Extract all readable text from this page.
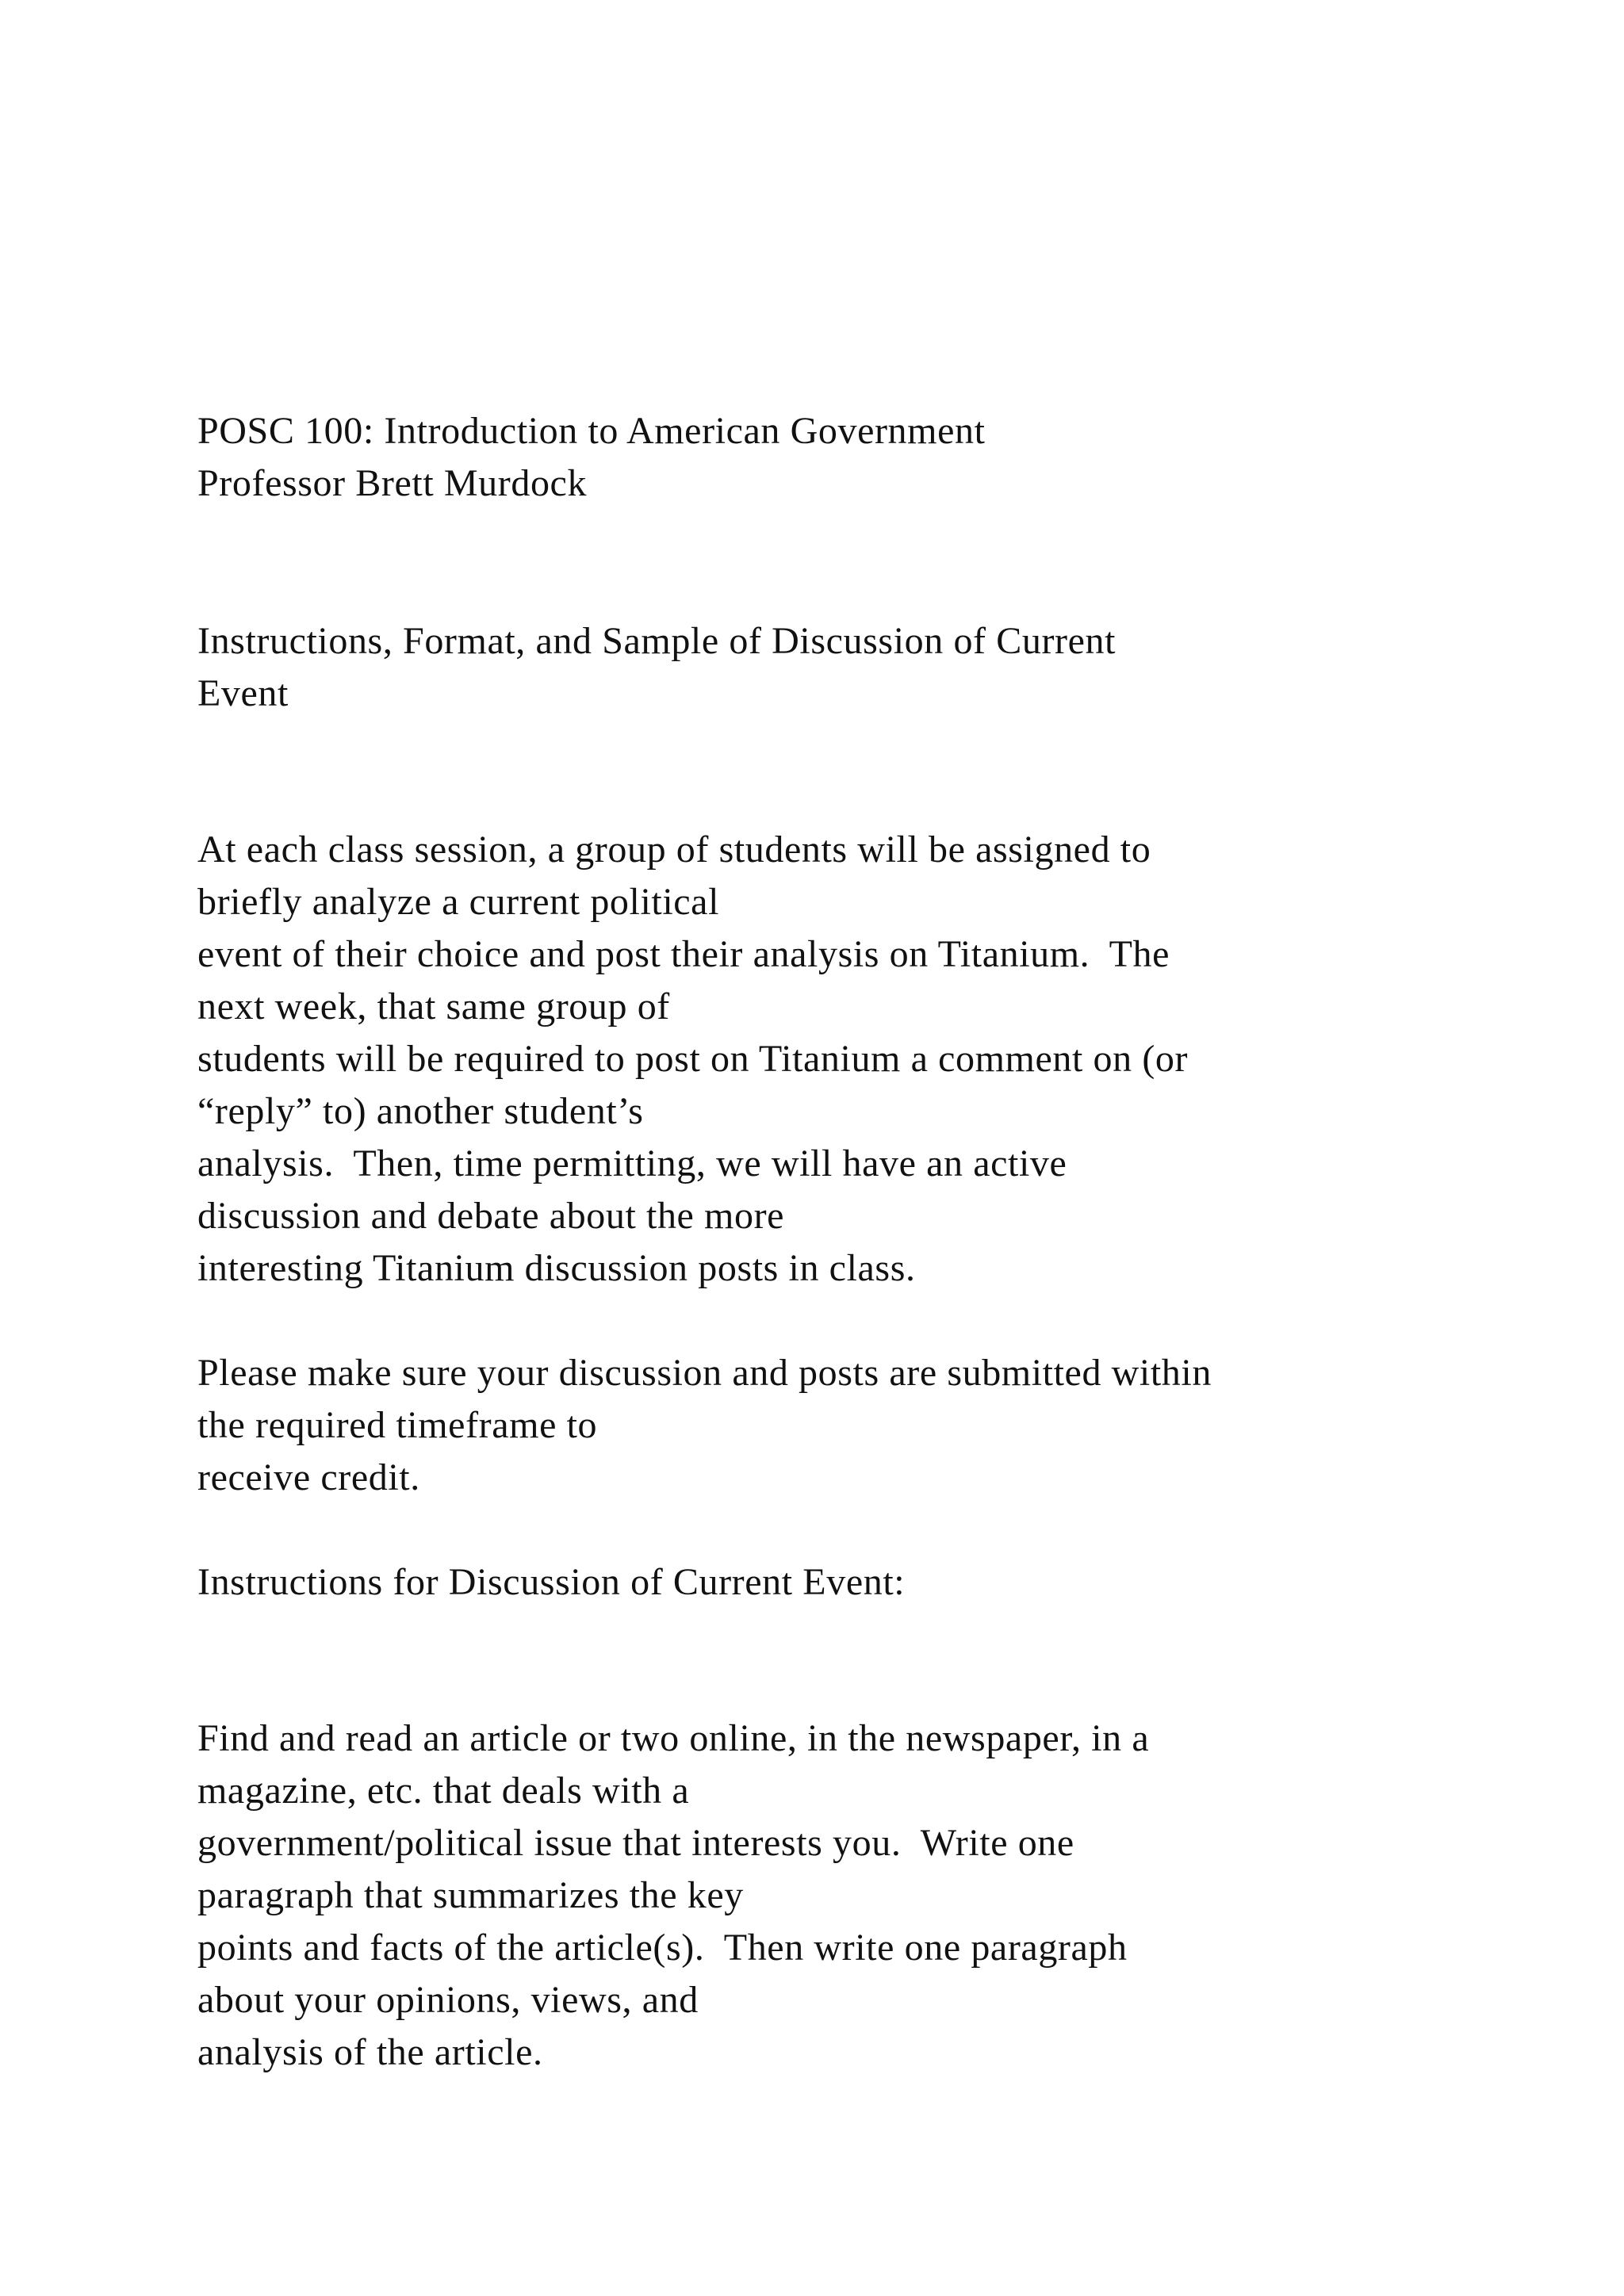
POSC 100: Introduction to American Government

Professor Brett Murdock

Instructions, Format, and Sample of Discussion of Current

Event

At each class session, a group of students will be assigned to

briefly analyze a current political

event of their choice and post their analysis on Titanium.  The

next week, that same group of

students will be required to post on Titanium a comment on (or

“reply” to) another student’s

analysis.  Then, time permitting, we will have an active

discussion and debate about the more

interesting Titanium discussion posts in class.

Please make sure your discussion and posts are submitted within

the required timeframe to

receive credit.

Instructions for Discussion of Current Event:

Find and read an article or two online, in the newspaper, in a

magazine, etc. that deals with a

government/political issue that interests you.  Write one

paragraph that summarizes the key

points and facts of the article(s).  Then write one paragraph

about your opinions, views, and

analysis of the article.
